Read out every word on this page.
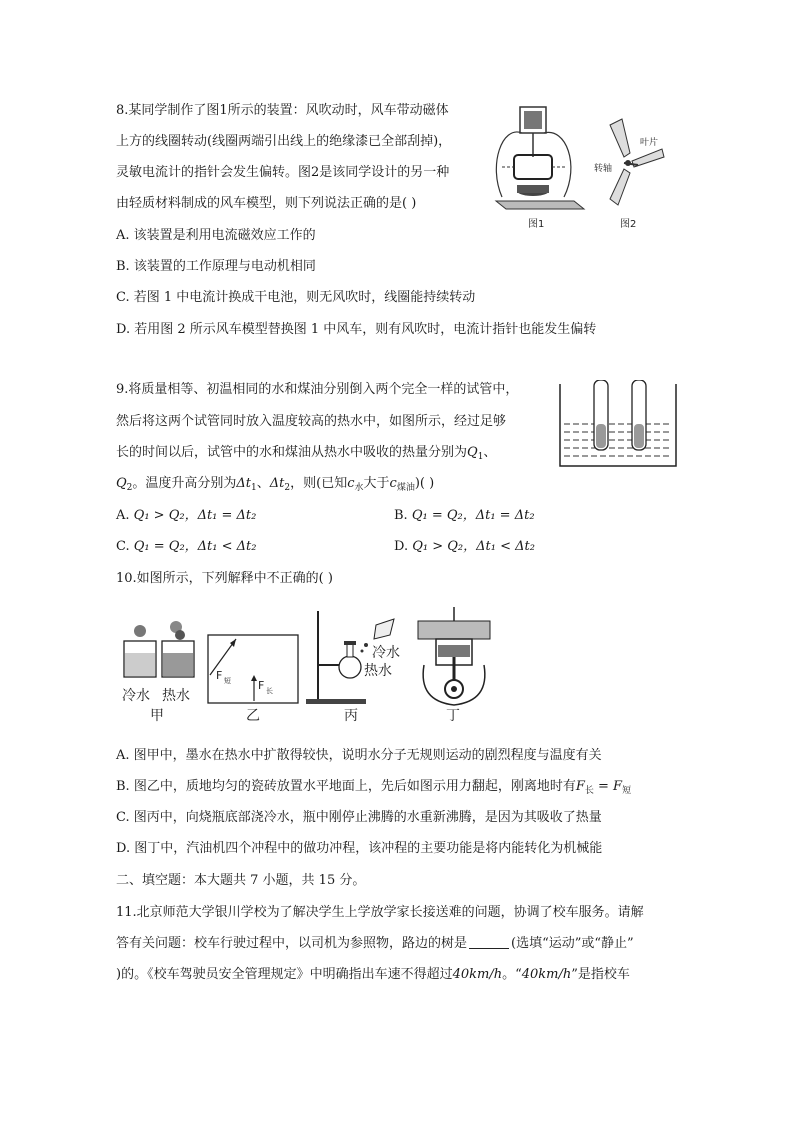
8.某同学制作了图1所示的装置：风吹动时，风车带动磁体
上方的线圈转动(线圈两端引出线上的绝缘漆已全部刮掉)，
灵敏电流计的指针会发生偏转。图2是该同学设计的另一种
由轻质材料制成的风车模型，则下列说法正确的是( )
A. 该装置是利用电流磁效应工作的
B. 该装置的工作原理与电动机相同
C. 若图 1 中电流计换成干电池，则无风吹时，线圈能持续转动
D. 若用图 2 所示风车模型替换图 1 中风车，则有风吹时，电流计指针也能发生偏转
图1
叶片
转轴
图2
9.将质量相等、初温相同的水和煤油分别倒入两个完全一样的试管中，
然后将这两个试管同时放入温度较高的热水中，如图所示，经过足够
长的时间以后，试管中的水和煤油从热水中吸收的热量分别为$Q_1$、
$Q_2$。温度升高分别为$\Delta t_1$、$\Delta t_2$，则(已知$c_水$大于$c_{煤油}$)( )
A. Q₁ > Q₂，Δt₁ = Δt₂	B. Q₁ = Q₂，Δt₁ = Δt₂
C. Q₁ = Q₂，Δt₁ < Δt₂	D. Q₁ > Q₂，Δt₁ < Δt₂
10.如图所示，下列解释中不正确的( )
冷水 热水
甲
F 短 F 长
乙
冷水
热水
丙	丁
A. 图甲中，墨水在热水中扩散得较快，说明水分子无规则运动的剧烈程度与温度有关
B. 图乙中，质地均匀的瓷砖放置水平地面上，先后如图示用力翻起，刚离地时有$F_长 = F_短$
C. 图丙中，向烧瓶底部浇冷水，瓶中刚停止沸腾的水重新沸腾，是因为其吸收了热量
D. 图丁中，汽油机四个冲程中的做功冲程，该冲程的主要功能是将内能转化为机械能
二、填空题：本大题共 7 小题，共 15 分。
11.北京师范大学银川学校为了解决学生上学放学家长接送难的问题，协调了校车服务。请解
答有关问题：校车行驶过程中，以司机为参照物，路边的树是	(选填“运动”或“静止”
)的。《校车驾驶员安全管理规定》中明确指出车速不得超过40km/h。“40km/h”是指校车
